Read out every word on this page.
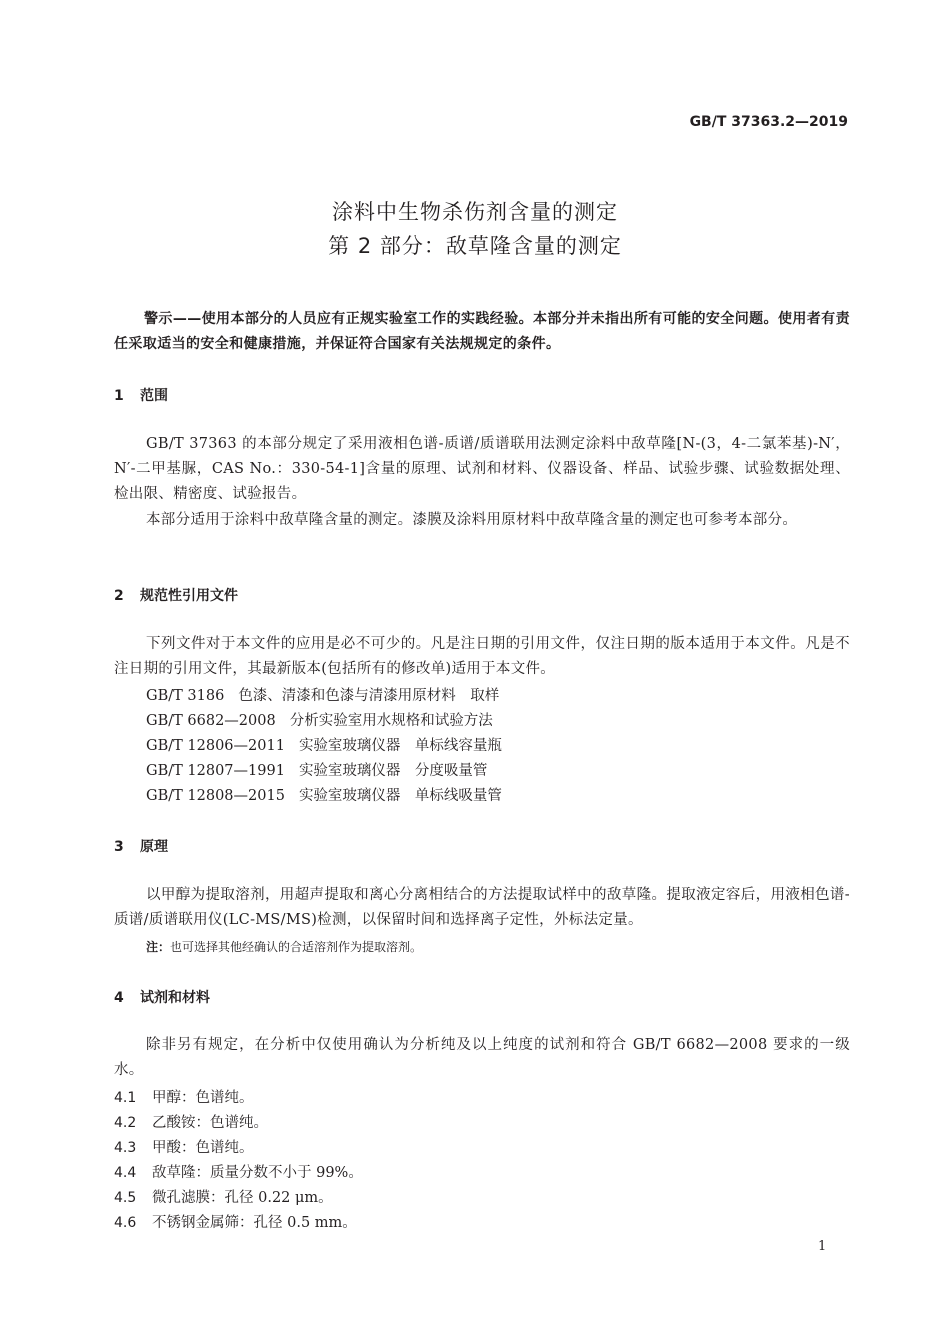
GB/T 37363.2—2019
涂料中生物杀伤剂含量的测定
第 2 部分：敌草隆含量的测定
警示——使用本部分的人员应有正规实验室工作的实践经验。本部分并未指出所有可能的安全问题。使用者有责任采取适当的安全和健康措施，并保证符合国家有关法规规定的条件。
1 范围
GB/T 37363 的本部分规定了采用液相色谱-质谱/质谱联用法测定涂料中敌草隆[N-(3，4-二氯苯基)-N′，N′-二甲基脲，CAS No.：330-54-1]含量的原理、试剂和材料、仪器设备、样品、试验步骤、试验数据处理、检出限、精密度、试验报告。
本部分适用于涂料中敌草隆含量的测定。漆膜及涂料用原材料中敌草隆含量的测定也可参考本部分。
2 规范性引用文件
下列文件对于本文件的应用是必不可少的。凡是注日期的引用文件，仅注日期的版本适用于本文件。凡是不注日期的引用文件，其最新版本(包括所有的修改单)适用于本文件。
GB/T 3186 色漆、清漆和色漆与清漆用原材料　取样
GB/T 6682—2008 分析实验室用水规格和试验方法
GB/T 12806—2011 实验室玻璃仪器　单标线容量瓶
GB/T 12807—1991 实验室玻璃仪器　分度吸量管
GB/T 12808—2015 实验室玻璃仪器　单标线吸量管
3 原理
以甲醇为提取溶剂，用超声提取和离心分离相结合的方法提取试样中的敌草隆。提取液定容后，用液相色谱-质谱/质谱联用仪(LC-MS/MS)检测，以保留时间和选择离子定性，外标法定量。
注：也可选择其他经确认的合适溶剂作为提取溶剂。
4 试剂和材料
除非另有规定，在分析中仅使用确认为分析纯及以上纯度的试剂和符合 GB/T 6682—2008 要求的一级水。
4.1 甲醇：色谱纯。
4.2 乙酸铵：色谱纯。
4.3 甲酸：色谱纯。
4.4 敌草隆：质量分数不小于 99%。
4.5 微孔滤膜：孔径 0.22 μm。
4.6 不锈钢金属筛：孔径 0.5 mm。
1
